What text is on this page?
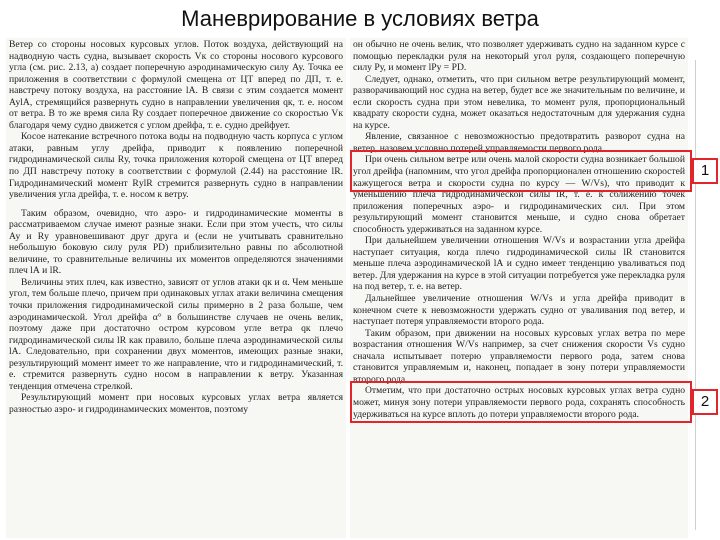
Маневрирование в условиях ветра

Ветер со стороны носовых курсовых углов. Поток воздуха, действующий на надводную часть судна, вызывает скорость Vк со стороны носового курсового угла (см. рис. 2.13, а) создает поперечную аэродинамическую силу Ау. Точка ее приложения в соответствии с формулой смещена от ЦТ вперед по ДП, т. е. навстречу потоку воздуха, на расстояние lА. В связи с этим создается момент АуlА, стремящийся развернуть судно в направлении увеличения qк, т. е. носом от ветра. В то же время сила Rу создает поперечное движение со скоростью Vк благодаря чему судно движется с углом дрейфа, т. е. судно дрейфует.

Косое натекание встречного потока воды на подводную часть корпуса с углом атаки, равным углу дрейфа, приводит к появлению поперечной гидродинамической силы Rу, точка приложения которой смещена от ЦТ вперед по ДП навстречу потоку в соответствии с формулой (2.44) на расстояние lR. Гидродинамический момент RуlR стремится развернуть судно в направлении увеличения угла дрейфа, т. е. носом к ветру.

Таким образом, очевидно, что аэро- и гидродинамические моменты в рассматриваемом случае имеют разные знаки. Если при этом учесть, что силы Ау и Rу уравновешивают друг друга и (если не учитывать сравнительно небольшую боковую силу руля PD) приблизительно равны по абсолютной величине, то сравнительные величины их моментов определяются значениями плеч lА и lR.

Величины этих плеч, как известно, зависят от углов атаки qк и α. Чем меньше угол, тем больше плечо, причем при одинаковых углах атаки величина смещения точки приложения гидродинамической силы примерно в 2 раза больше, чем аэродинамической. Угол дрейфа α° в большинстве случаев не очень велик, поэтому даже при достаточно остром курсовом угле ветра qк плечо гидродинамической силы lR как правило, больше плеча аэродинамической силы lА. Следовательно, при сохранении двух моментов, имеющих разные знаки, результирующий момент имеет то же направление, что и гидродинамический, т. е. стремится развернуть судно носом в направлении к ветру. Указанная тенденция отмечена стрелкой.

Результирующий момент при носовых курсовых углах ветра является разностью аэро- и гидродинамических моментов, поэтому

он обычно не очень велик, что позволяет удерживать судно на заданном курсе с помощью перекладки руля на некоторый угол руля, создающего поперечную силу Pу, и момент lPу = PD.

Следует, однако, отметить, что при сильном ветре результирующий момент, разворачивающий нос судна на ветер, будет все же значительным по величине, и если скорость судна при этом невелика, то момент руля, пропорциональный квадрату скорости судна, может оказаться недостаточным для удержания судна на курсе.

Явление, связанное с невозможностью предотвратить разворот судна на ветер, назовем условно потерей управляемости первого рода.

При очень сильном ветре или очень малой скорости судна возникает большой угол дрейфа (напомним, что угол дрейфа пропорционален отношению скоростей кажущегося ветра и скорости судна по курсу — W/Vs), что приводит к уменьшению плеча гидродинамической силы lR, т. е. к сближению точек приложения поперечных аэро- и гидродинамических сил. При этом результирующий момент становится меньше, и судно снова обретает способность удерживаться на заданном курсе.

При дальнейшем увеличении отношения W/Vs и возрастании угла дрейфа наступает ситуация, когда плечо гидродинамической силы lR становится меньше плеча аэродинамической lА и судно имеет тенденцию уваливаться под ветер. Для удержания на курсе в этой ситуации потребуется уже перекладка руля на под ветер, т. е. на ветер.

Дальнейшее увеличение отношения W/Vs и угла дрейфа приводит в конечном счете к невозможности удержать судно от уваливания под ветер, и наступает потеря управляемости второго рода.

Таким образом, при движении на носовых курсовых углах ветра по мере возрастания отношения W/Vs например, за счет снижения скорости Vs судно сначала испытывает потерю управляемости первого рода, затем снова становится управляемым и, наконец, попадает в зону потери управляемости второго рода.

Отметим, что при достаточно острых носовых курсовых углах ветра судно может, минуя зону потери управляемости первого рода, сохранять способность удерживаться на курсе вплоть до потери управляемости второго рода.

1
2
